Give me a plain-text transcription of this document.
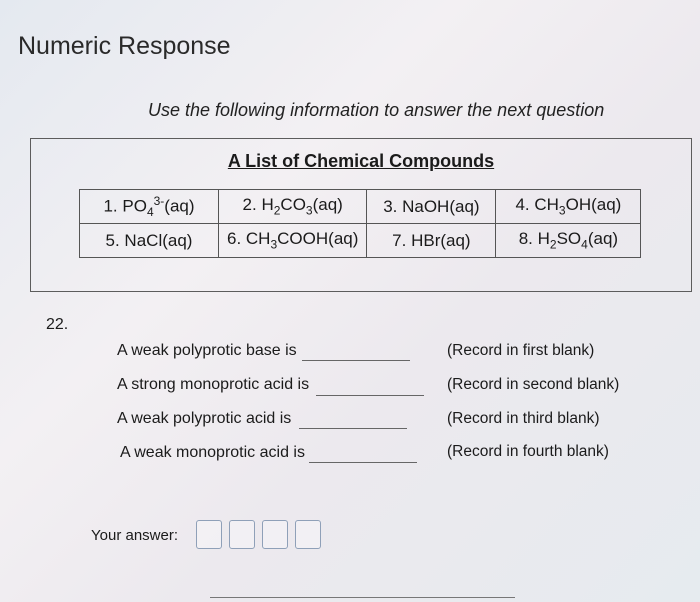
Numeric Response
Use the following information to answer the next question
A List of Chemical Compounds
1. $PO_4^{3-}(aq)$	2. $H_2CO_3(aq)$	3. NaOH(aq)	4. $CH_3OH(aq)$
5. NaCl(aq)	6. $CH_3COOH(aq)$	7. HBr(aq)	8. $H_2SO_4(aq)$
22.
A weak polyprotic base is	(Record in first blank)
A strong monoprotic acid is	(Record in second blank)
A weak polyprotic acid is	(Record in third blank)
A weak monoprotic acid is	(Record in fourth blank)
Your answer:
